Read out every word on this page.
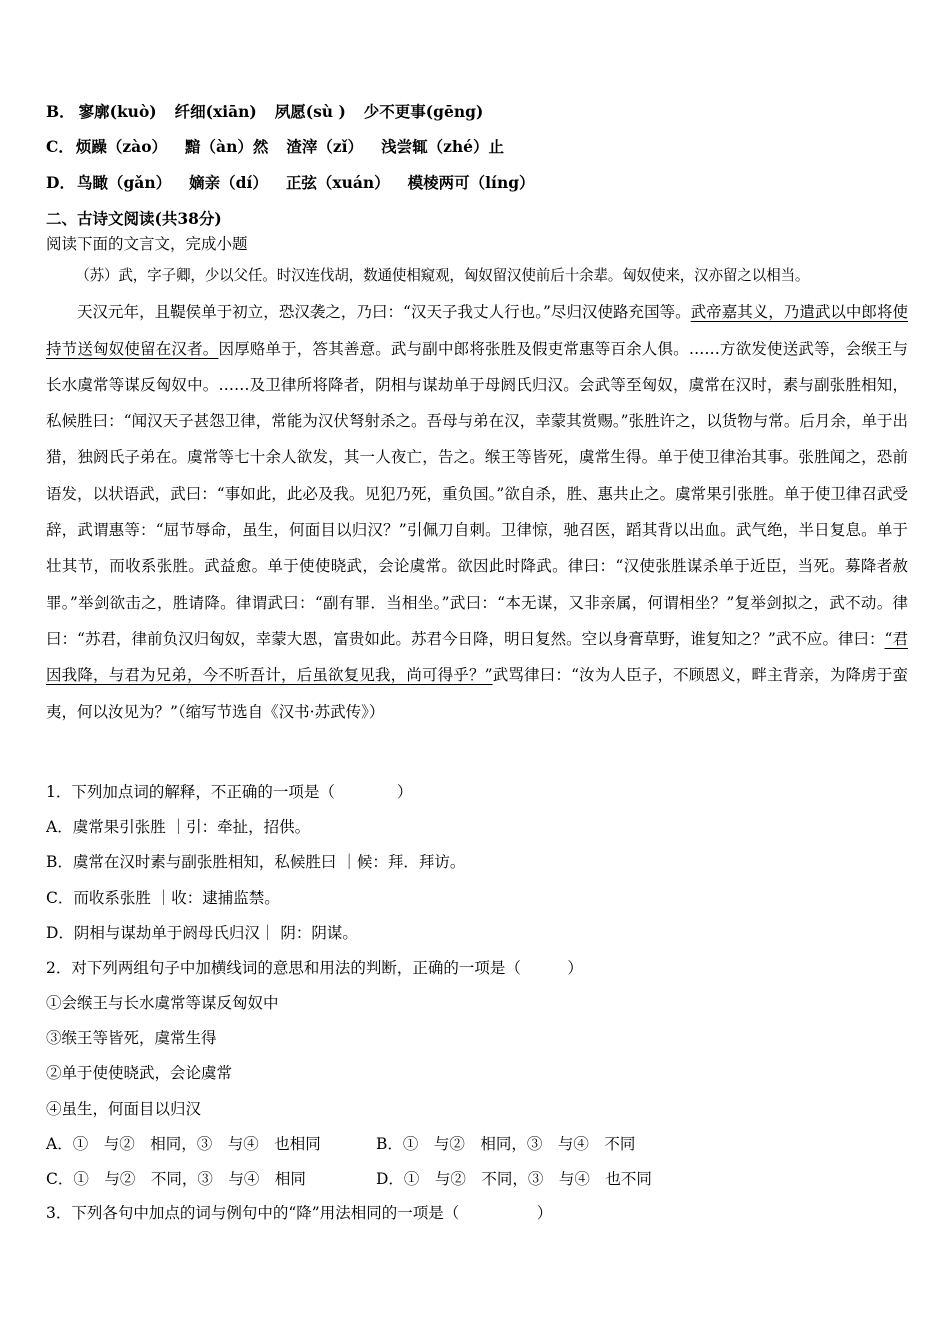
B． 寥廓(kuò) 纤细(xiān) 夙愿(sù ) 少不更事(gēng)
C． 烦躁（zào） 黯（àn）然 渣滓（zǐ） 浅尝辄（zhé）止
D． 鸟瞰（gǎn） 嫡亲（dí） 正弦（xuán） 模棱两可（líng）
二、古诗文阅读(共38分)
阅读下面的文言文，完成小题

（苏）武，字子卿，少以父任。时汉连伐胡，数通使相窥观，匈奴留汉使前后十余辈。匈奴使来，汉亦留之以相当。

天汉元年，且鞮侯单于初立，恐汉袭之，乃曰：“汉天子我丈人行也。”尽归汉使路充国等。武帝嘉其义，乃遣武以中郎将使持节送匈奴使留在汉者。因厚赂单于，答其善意。武与副中郎将张胜及假吏常惠等百余人俱。……方欲发使送武等，会缑王与长水虞常等谋反匈奴中。……及卫律所将降者，阴相与谋劫单于母阏氏归汉。会武等至匈奴，虞常在汉时，素与副张胜相知，私候胜曰：“闻汉天子甚怨卫律，常能为汉伏弩射杀之。吾母与弟在汉，幸蒙其赏赐。”张胜许之，以货物与常。后月余，单于出猎，独阏氏子弟在。虞常等七十余人欲发，其一人夜亡，告之。缑王等皆死，虞常生得。单于使卫律治其事。张胜闻之，恐前语发，以状语武，武曰：“事如此，此必及我。见犯乃死，重负国。”欲自杀，胜、惠共止之。虞常果引张胜。单于使卫律召武受辞，武谓惠等：“屈节辱命，虽生，何面目以归汉？”引佩刀自刺。卫律惊，驰召医，蹈其背以出血。武气绝，半日复息。单于壮其节，而收系张胜。武益愈。单于使使晓武，会论虞常。欲因此时降武。律曰：“汉使张胜谋杀单于近臣，当死。募降者赦罪。”举剑欲击之，胜请降。律谓武曰：“副有罪．当相坐。”武曰：“本无谋，又非亲属，何谓相坐？”复举剑拟之，武不动。律曰：“苏君，律前负汉归匈奴，幸蒙大恩，富贵如此。苏君今日降，明日复然。空以身膏草野，谁复知之？”武不应。律曰：“君因我降，与君为兄弟，今不听吾计，后虽欲复见我，尚可得乎？”武骂律曰：“汝为人臣子，不顾恩义，畔主背亲，为降虏于蛮夷，何以汝见为？”（缩写节选自《汉书·苏武传》）

1．下列加点词的解释，不正确的一项是（　　　　）
A．虞常果引张胜 ｜引：牵扯，招供。
B．虞常在汉时素与副张胜相知，私候胜曰 ｜候：拜．拜访。
C．而收系张胜 ｜收：逮捕监禁。
D．阴相与谋劫单于阏母氏归汉｜ 阴：阴谋。
2．对下列两组句子中加横线词的意思和用法的判断，正确的一项是（　　　）
①会缑王与长水虞常等谋反匈奴中
③缑王等皆死，虞常生得
②单于使使晓武，会论虞常
④虽生，何面目以归汉
A．①　与②　相同，③　与④　也相同	B．①　与②　相同，③　与④　不同
C．①　与②　不同，③　与④　相同	D．①　与②　不同，③　与④　也不同
3．下列各句中加点的词与例句中的“降”用法相同的一项是（　　　　　）
